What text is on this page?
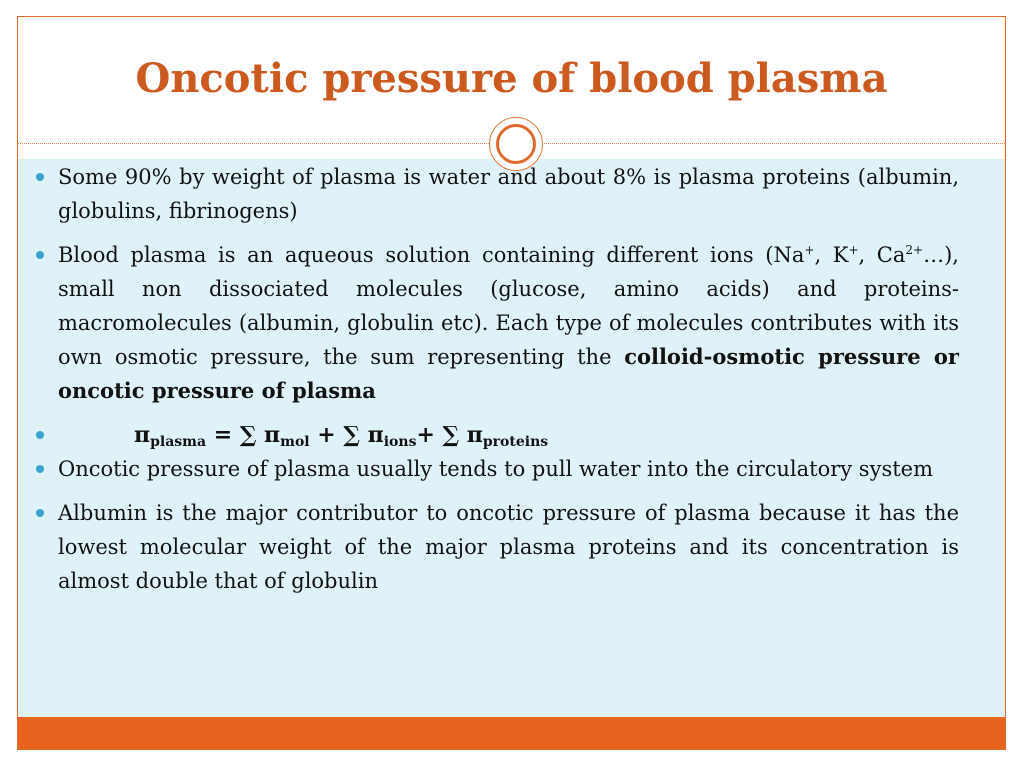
Oncotic pressure of blood plasma
Some 90% by weight of plasma is water and about 8% is plasma proteins (albumin, globulins, fibrinogens)
Blood plasma is an aqueous solution containing different ions (Na+, K+, $Ca^{2+}\dots$), small non dissociated molecules (glucose, amino acids) and proteins- macromolecules (albumin, globulin etc). Each type of molecules contributes with its own osmotic pressure, the sum representing the colloid-osmotic pressure or oncotic pressure of plasma
$\pi_{plasma}$ = ∑ $\pi_{mol}$ + ∑ $\pi_{ions}+$ ∑ $\pi_{proteins}$
Oncotic pressure of plasma usually tends to pull water into the circulatory system
Albumin is the major contributor to oncotic pressure of plasma because it has the lowest molecular weight of the major plasma proteins and its concentration is almost double that of globulin
